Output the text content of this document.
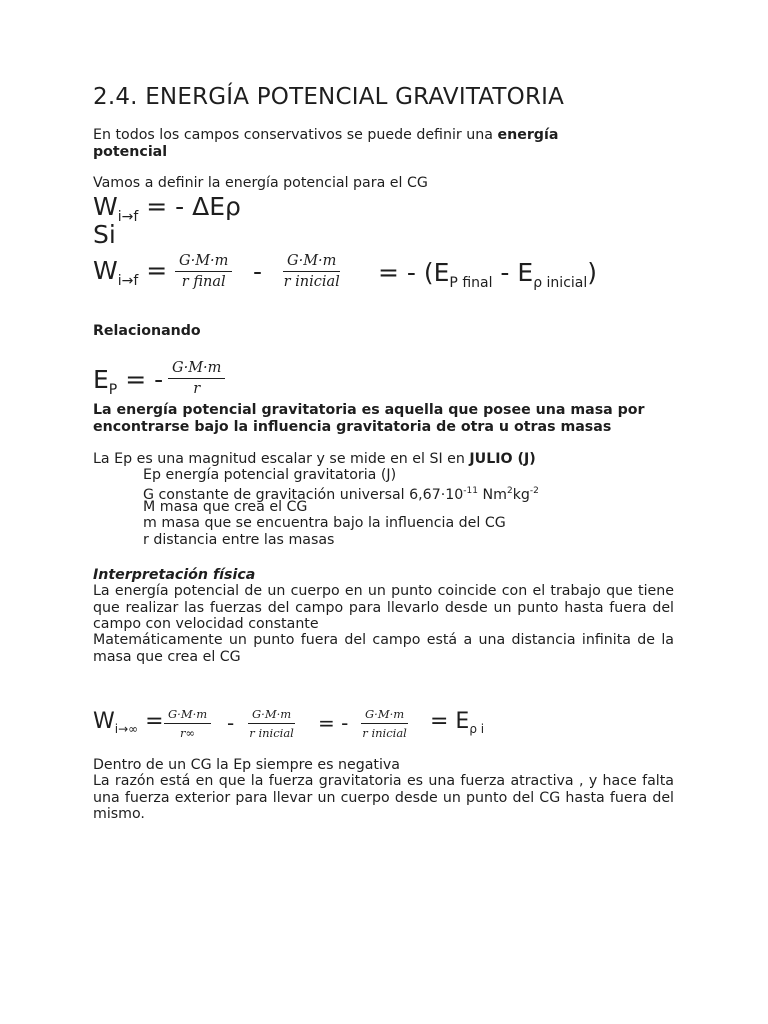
2.4. ENERGÍA POTENCIAL GRAVITATORIA
En todos los campos conservativos se puede definir una energía
potencial
Vamos a definir la energía potencial para el CG
$W_{i\to f}$ = - ΔEρ
Si
$W_{i\to f} = G\cdot M\cdot m$
r final - G·M·m
r inicial = - $(E_{P final} - E_{\rho inicial})$
Relacionando
$E_P$ = - $\frac{G\cdot M\cdot m}{r}$
La energía potencial gravitatoria es aquella que posee una masa por
encontrarse bajo la influencia gravitatoria de otra u otras masas
La Ep es una magnitud escalar y se mide en el SI en JULIO (J)
Ep energía potencial gravitatoria (J)
G constante de gravitación universal $6,67\cdot 10^{-11}$ $Nm^2kg^{-2}$
M masa que crea el CG
m masa que se encuentra bajo la influencia del CG
r distancia entre las masas
Interpretación física
La energía potencial de un cuerpo en un punto coincide con el trabajo que tiene que realizar las fuerzas del campo para llevarlo desde un punto hasta fuera del campo con velocidad constante
Matemáticamente un punto fuera del campo está a una distancia infinita de la masa que crea el CG
$W_{i\to\infty} = \frac{G\cdot M\cdot m}{r\infty}$ -	G·M·m
r inicial = -	G·M·m
r inicial = $E_{\rho i}$
Dentro de un CG la Ep siempre es negativa
La razón está en que la fuerza gravitatoria es una fuerza atractiva , y hace falta una fuerza exterior para llevar un cuerpo desde un punto del CG hasta fuera del mismo.
